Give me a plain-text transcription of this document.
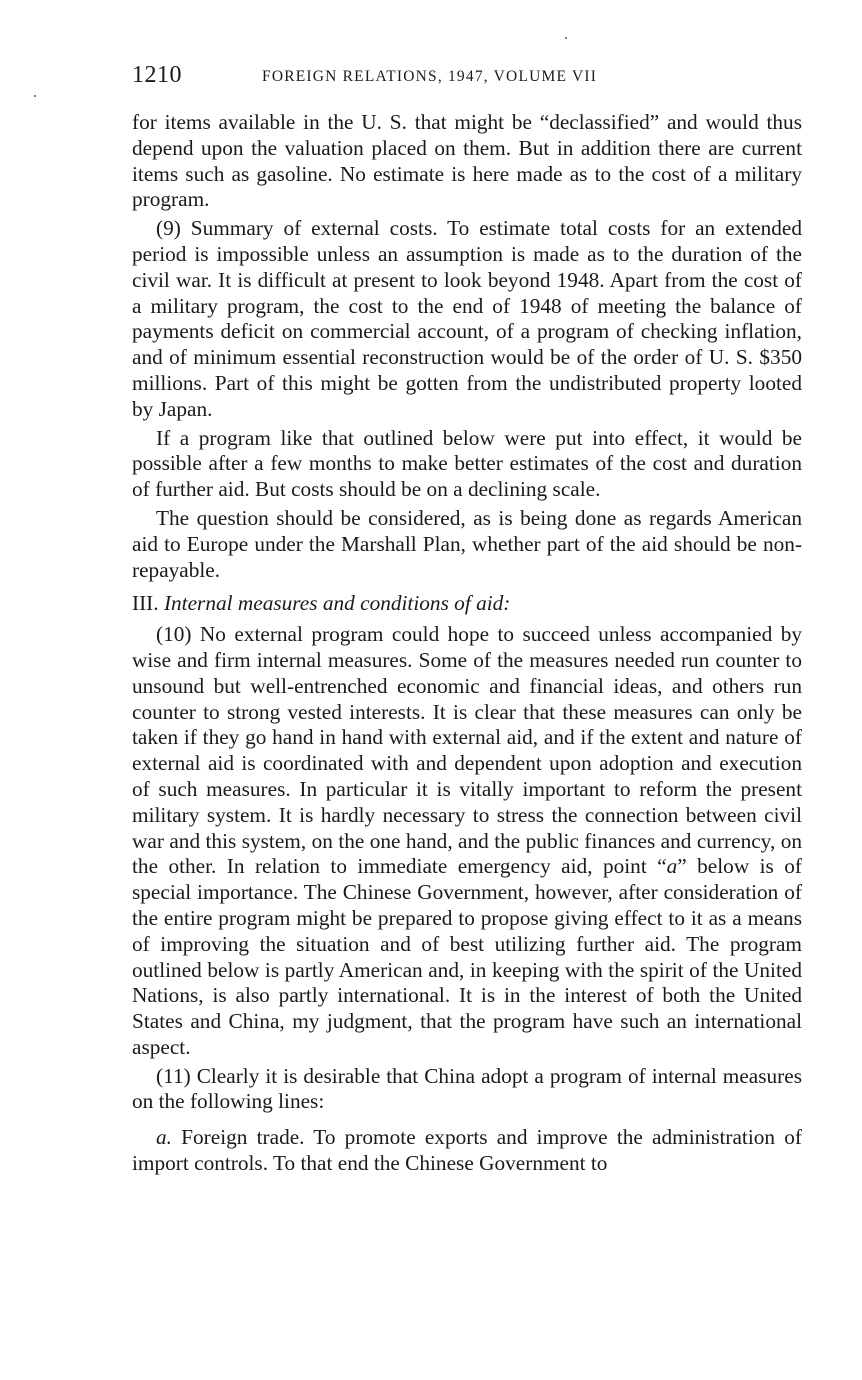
1210	FOREIGN RELATIONS, 1947, VOLUME VII

for items available in the U. S. that might be “declassified” and would thus depend upon the valuation placed on them. But in addition there are current items such as gasoline. No estimate is here made as to the cost of a military program.

(9) Summary of external costs. To estimate total costs for an extended period is impossible unless an assumption is made as to the duration of the civil war. It is difficult at present to look beyond 1948. Apart from the cost of a military program, the cost to the end of 1948 of meeting the balance of payments deficit on commercial account, of a program of checking inflation, and of minimum essential reconstruction would be of the order of U. S. $350 millions. Part of this might be gotten from the undistributed property looted by Japan.

If a program like that outlined below were put into effect, it would be possible after a few months to make better estimates of the cost and duration of further aid. But costs should be on a declining scale.

The question should be considered, as is being done as regards American aid to Europe under the Marshall Plan, whether part of the aid should be non-repayable.

III. Internal measures and conditions of aid:

(10) No external program could hope to succeed unless accompanied by wise and firm internal measures. Some of the measures needed run counter to unsound but well-entrenched economic and financial ideas, and others run counter to strong vested interests. It is clear that these measures can only be taken if they go hand in hand with external aid, and if the extent and nature of external aid is coordinated with and dependent upon adoption and execution of such measures. In particular it is vitally important to reform the present military system. It is hardly necessary to stress the connection between civil war and this system, on the one hand, and the public finances and currency, on the other. In relation to immediate emergency aid, point “a” below is of special importance. The Chinese Government, however, after consideration of the entire program might be prepared to propose giving effect to it as a means of improving the situation and of best utilizing further aid. The program outlined below is partly American and, in keeping with the spirit of the United Nations, is also partly international. It is in the interest of both the United States and China, my judgment, that the program have such an international aspect.

(11) Clearly it is desirable that China adopt a program of internal measures on the following lines:

a. Foreign trade. To promote exports and improve the administration of import controls. To that end the Chinese Government to
